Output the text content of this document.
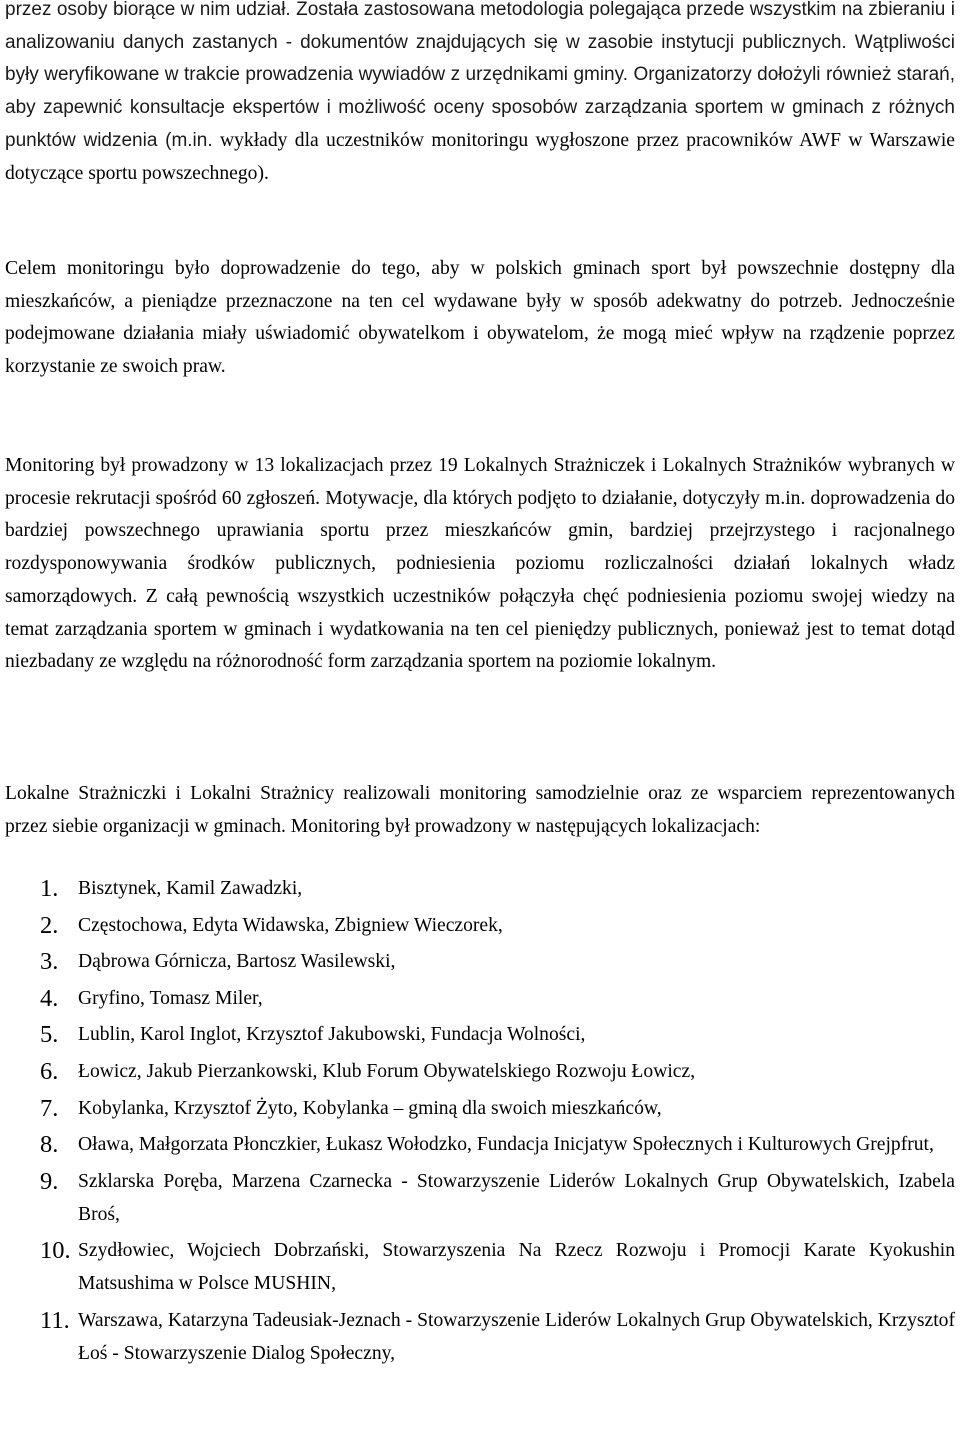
przez osoby biorące w nim udział. Została zastosowana metodologia polegająca przede wszystkim na zbieraniu i analizowaniu danych zastanych - dokumentów znajdujących się w zasobie instytucji publicznych. Wątpliwości były weryfikowane w trakcie prowadzenia wywiadów z urzędnikami gminy. Organizatorzy dołożyli również starań, aby zapewnić konsultacje ekspertów i możliwość oceny sposobów zarządzania sportem w gminach z różnych punktów widzenia (m.in. wykłady dla uczestników monitoringu wygłoszone przez pracowników AWF w Warszawie dotyczące sportu powszechnego).

Celem monitoringu było doprowadzenie do tego, aby w polskich gminach sport był powszechnie dostępny dla mieszkańców, a pieniądze przeznaczone na ten cel wydawane były w sposób adekwatny do potrzeb. Jednocześnie podejmowane działania miały uświadomić obywatelkom i obywatelom, że mogą mieć wpływ na rządzenie poprzez korzystanie ze swoich praw.

Monitoring był prowadzony w 13 lokalizacjach przez 19 Lokalnych Strażniczek i Lokalnych Strażników wybranych w procesie rekrutacji spośród 60 zgłoszeń. Motywacje, dla których podjęto to działanie, dotyczyły m.in. doprowadzenia do bardziej powszechnego uprawiania sportu przez mieszkańców gmin, bardziej przejrzystego i racjonalnego rozdysponowywania środków publicznych, podniesienia poziomu rozliczalności działań lokalnych władz samorządowych. Z całą pewnością wszystkich uczestników połączyła chęć podniesienia poziomu swojej wiedzy na temat zarządzania sportem w gminach i wydatkowania na ten cel pieniędzy publicznych, ponieważ jest to temat dotąd niezbadany ze względu na różnorodność form zarządzania sportem na poziomie lokalnym.

Lokalne Strażniczki i Lokalni Strażnicy realizowali monitoring samodzielnie oraz ze wsparciem reprezentowanych przez siebie organizacji w gminach. Monitoring był prowadzony w następujących lokalizacjach:

1. Bisztynek, Kamil Zawadzki,
2. Częstochowa, Edyta Widawska, Zbigniew Wieczorek,
3. Dąbrowa Górnicza, Bartosz Wasilewski,
4. Gryfino, Tomasz Miler,
5. Lublin, Karol Inglot, Krzysztof Jakubowski, Fundacja Wolności,
6. Łowicz, Jakub Pierzankowski, Klub Forum Obywatelskiego Rozwoju Łowicz,
7. Kobylanka, Krzysztof Żyto, Kobylanka – gminą dla swoich mieszkańców,
8. Oława, Małgorzata Płonczkier, Łukasz Wołodzko, Fundacja Inicjatyw Społecznych i Kulturowych Grejpfrut,
9. Szklarska Poręba, Marzena Czarnecka - Stowarzyszenie Liderów Lokalnych Grup Obywatelskich, Izabela Broś,
10. Szydłowiec, Wojciech Dobrzański, Stowarzyszenia Na Rzecz Rozwoju i Promocji Karate Kyokushin Matsushima w Polsce MUSHIN,
11. Warszawa, Katarzyna Tadeusiak-Jeznach - Stowarzyszenie Liderów Lokalnych Grup Obywatelskich, Krzysztof Łoś - Stowarzyszenie Dialog Społeczny,
